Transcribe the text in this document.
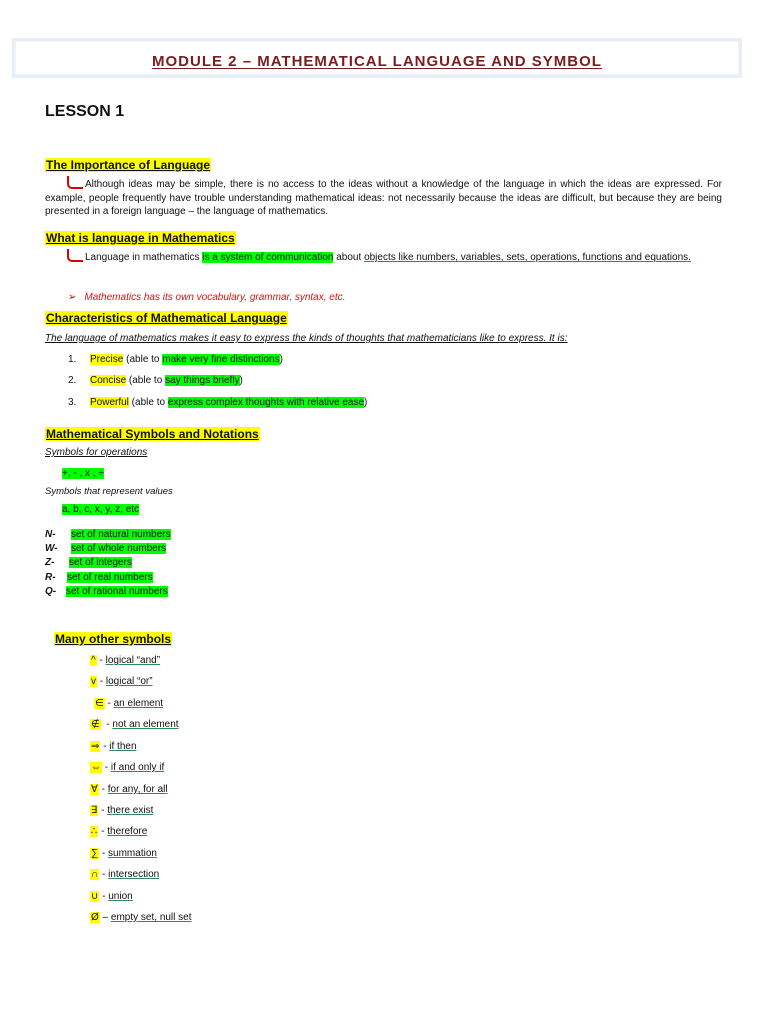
MODULE 2 – MATHEMATICAL LANGUAGE AND SYMBOL
LESSON 1
The Importance of Language
Although ideas may be simple, there is no access to the ideas without a knowledge of the language in which the ideas are expressed. For example, people frequently have trouble understanding mathematical ideas: not necessarily because the ideas are difficult, but because they are being presented in a foreign language – the language of mathematics.
What is language in Mathematics
Language in mathematics is a system of communication about objects like numbers, variables, sets, operations, functions and equations.
➢ Mathematics has its own vocabulary, grammar, syntax, etc.
Characteristics of Mathematical Language
The language of mathematics makes it easy to express the kinds of thoughts that mathematicians like to express. It is:
1. Precise (able to make very fine distinctions)
2. Concise (able to say things briefly)
3. Powerful (able to express complex thoughts with relative ease)
Mathematical Symbols and Notations
Symbols for operations
+, - , x , ÷
Symbols that represent values
a, b, c, x, y, z, etc
N- set of natural numbers
W- set of whole numbers
Z- set of integers
R- set of real numbers
Q- set of rational numbers
Many other symbols
^ - logical “and”
v - logical “or”
∈ - an element
∉  - not an element
⇒ - if then
⇔ - if and only if
∀ - for any, for all
∃ - there exist
∴ - therefore
∑ - summation
∩ - intersection
∪ - union
Ø – empty set, null set
